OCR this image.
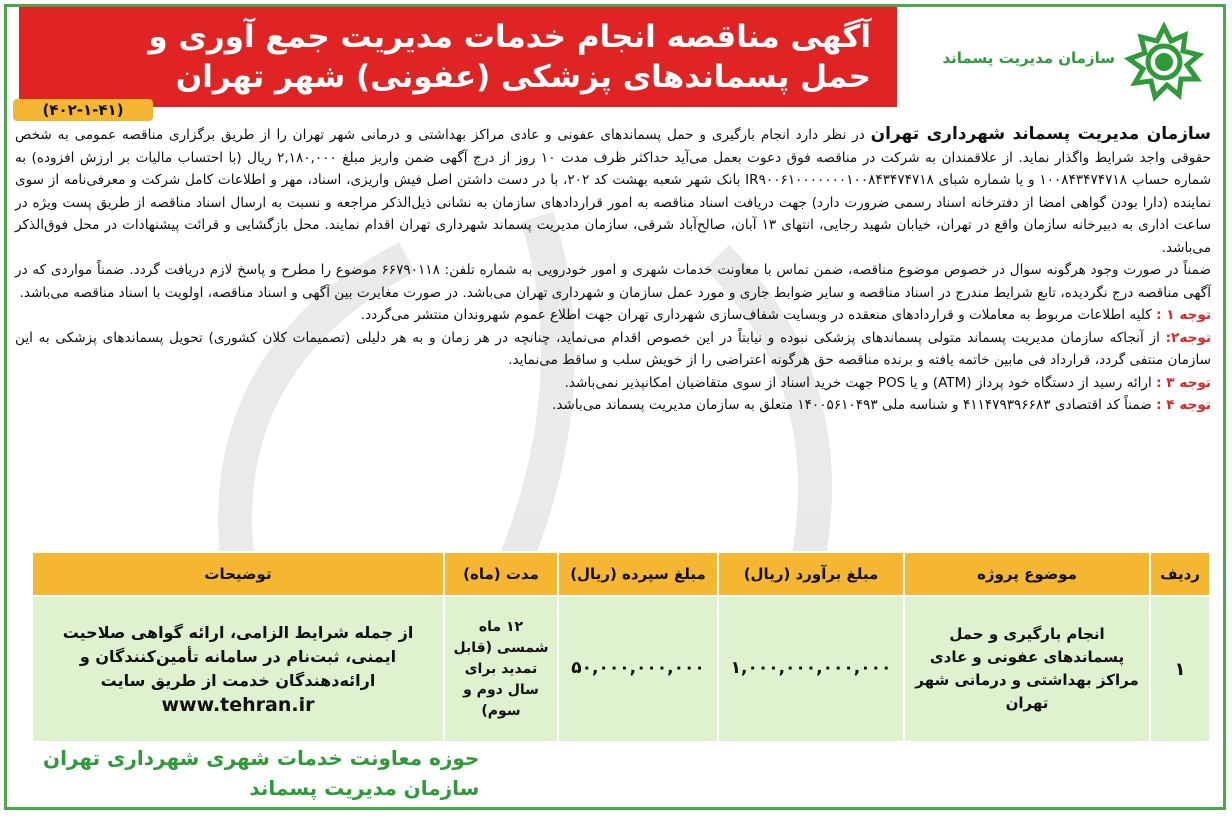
آگهی مناقصه انجام خدمات مدیریت جمع آوری و
حمل پسماندهای پزشکی (عفونی) شهر تهران
(۴۰۲-۱-۴۱)
سازمان مدیریت پسماند

سازمان مدیریت پسماند شهرداری تهران در نظر دارد انجام بارگیری و حمل پسماندهای عفونی و عادی مراکز بهداشتی و درمانی شهر تهران را از طریق برگزاری مناقصه عمومی به شخص حقوقی واجد شرایط واگذار نماید. از علاقمندان به شرکت در مناقصه فوق دعوت بعمل می‌آید حداکثر ظرف مدت ۱۰ روز از درج آگهی ضمن واریز مبلغ ۲,۱۸۰,۰۰۰ ریال (با احتساب مالیات بر ارزش افزوده) به شماره حساب ۱۰۰۸۴۳۴۷۴۷۱۸ و یا شماره شبای IR۹۰۰۶۱۰۰۰۰۰۰۰۱۰۰۸۴۳۴۷۴۷۱۸ بانک شهر شعبه بهشت کد ۲۰۲، با در دست داشتن اصل فیش واریزی، اسناد، مهر و اطلاعات کامل شرکت و معرفی‌نامه از سوی نماینده (دارا بودن گواهی امضا از دفترخانه اسناد رسمی ضرورت دارد) جهت دریافت اسناد مناقصه به امور قراردادهای سازمان به نشانی ذیل‌الذکر مراجعه و نسبت به ارسال اسناد مناقصه از طریق پست ویژه در ساعت اداری به دبیرخانه سازمان واقع در تهران، خیابان شهید رجایی، انتهای ۱۳ آبان، صالح‌آباد شرقی، سازمان مدیریت پسماند شهرداری تهران اقدام نمایند. محل بازگشایی و قرائت پیشنهادات در محل فوق‌الذکر می‌باشد.

ضمناً در صورت وجود هرگونه سوال در خصوص موضوع مناقصه، ضمن تماس با معاونت خدمات شهری و امور خودرویی به شماره تلفن: ۶۶۷۹۰۱۱۸ موضوع را مطرح و پاسخ لازم دریافت گردد. ضمناً مواردی که در آگهی مناقصه درج نگردیده، تابع شرایط مندرج در اسناد مناقصه و سایر ضوابط جاری و مورد عمل سازمان و شهرداری تهران می‌باشد. در صورت مغایرت بین آگهی و اسناد مناقصه، اولویت با اسناد مناقصه می‌باشد.

توجه ۱ : کلیه اطلاعات مربوط به معاملات و قراردادهای منعقده در وبسایت شفاف‌سازی شهرداری تهران جهت اطلاع عموم شهروندان منتشر می‌گردد.

توجه۲: از آنجاکه سازمان مدیریت پسماند متولی پسماندهای پزشکی نبوده و نیابتاً در این خصوص اقدام می‌نماید، چنانچه در هر زمان و به هر دلیلی (تصمیمات کلان کشوری) تحویل پسماندهای پزشکی به این سازمان منتفی گردد، قرارداد فی مابین خاتمه یافته و برنده مناقصه حق هرگونه اعتراضی را از خویش سلب و ساقط می‌نماید.

توجه ۳ : ارائه رسید از دستگاه خود پرداز (ATM) و یا POS جهت خرید اسناد از سوی متقاضیان امکانپذیر نمی‌باشد.

توجه ۴ : ضمناً کد اقتصادی ۴۱۱۴۷۹۳۹۶۶۸۳ و شناسه ملی ۱۴۰۰۵۶۱۰۴۹۳ متعلق به سازمان مدیریت پسماند می‌باشد.

ردیف	موضوع پروژه	مبلغ برآورد (ریال)	مبلغ سپرده (ریال)	مدت (ماه)	توضیحات
۱	انجام بارگیری و حمل پسماندهای عفونی و عادی مراکز بهداشتی و درمانی شهر تهران	۱,۰۰۰,۰۰۰,۰۰۰,۰۰۰	۵۰,۰۰۰,۰۰۰,۰۰۰	۱۲ ماه شمسی (قابل تمدید برای سال دوم و سوم)	از جمله شرایط الزامی، ارائه گواهی صلاحیت ایمنی، ثبت‌نام در سامانه تأمین‌کنندگان و ارائه‌دهندگان خدمت از طریق سایت www.tehran.ir
حوزه معاونت خدمات شهری شهرداری تهران
سازمان مدیریت پسماند
